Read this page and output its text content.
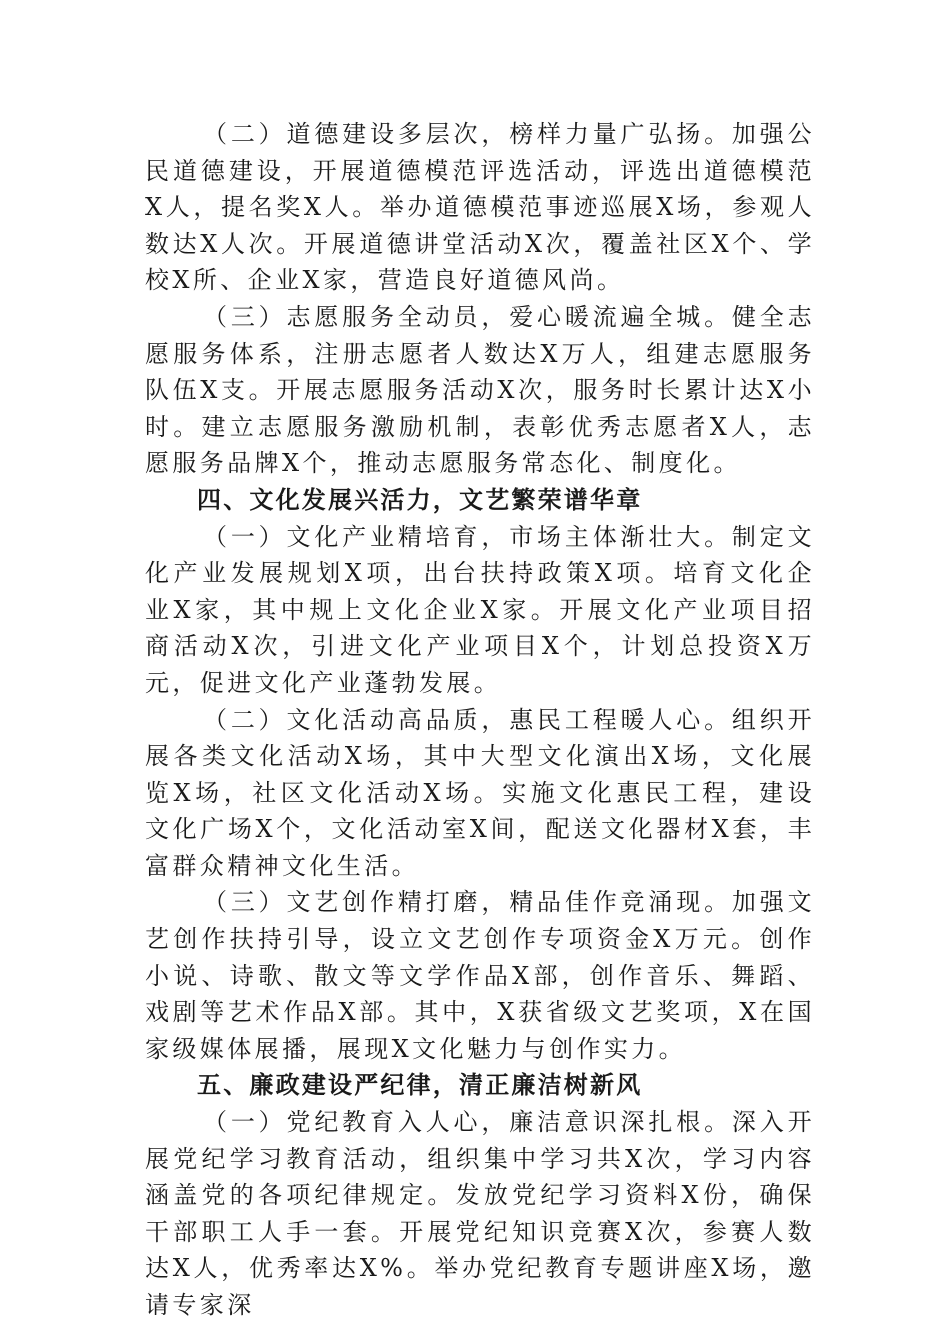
（二）道德建设多层次，榜样力量广弘扬。加强公民道德建设，开展道德模范评选活动，评选出道德模范X人，提名奖X人。举办道德模范事迹巡展X场，参观人数达X人次。开展道德讲堂活动X次，覆盖社区X个、学校X所、企业X家，营造良好道德风尚。

（三）志愿服务全动员，爱心暖流遍全城。健全志愿服务体系，注册志愿者人数达X万人，组建志愿服务队伍X支。开展志愿服务活动X次，服务时长累计达X小时。建立志愿服务激励机制，表彰优秀志愿者X人，志愿服务品牌X个，推动志愿服务常态化、制度化。

四、文化发展兴活力，文艺繁荣谱华章

（一）文化产业精培育，市场主体渐壮大。制定文化产业发展规划X项，出台扶持政策X项。培育文化企业X家，其中规上文化企业X家。开展文化产业项目招商活动X次，引进文化产业项目X个，计划总投资X万元，促进文化产业蓬勃发展。

（二）文化活动高品质，惠民工程暖人心。组织开展各类文化活动X场，其中大型文化演出X场，文化展览X场，社区文化活动X场。实施文化惠民工程，建设文化广场X个，文化活动室X间，配送文化器材X套，丰富群众精神文化生活。

（三）文艺创作精打磨，精品佳作竞涌现。加强文艺创作扶持引导，设立文艺创作专项资金X万元。创作小说、诗歌、散文等文学作品X部，创作音乐、舞蹈、戏剧等艺术作品X部。其中，X获省级文艺奖项，X在国家级媒体展播，展现X文化魅力与创作实力。

五、廉政建设严纪律，清正廉洁树新风

（一）党纪教育入人心，廉洁意识深扎根。深入开展党纪学习教育活动，组织集中学习共X次，学习内容涵盖党的各项纪律规定。发放党纪学习资料X份，确保干部职工人手一套。开展党纪知识竞赛X次，参赛人数达X人，优秀率达X%。举办党纪教育专题讲座X场，邀请专家深
